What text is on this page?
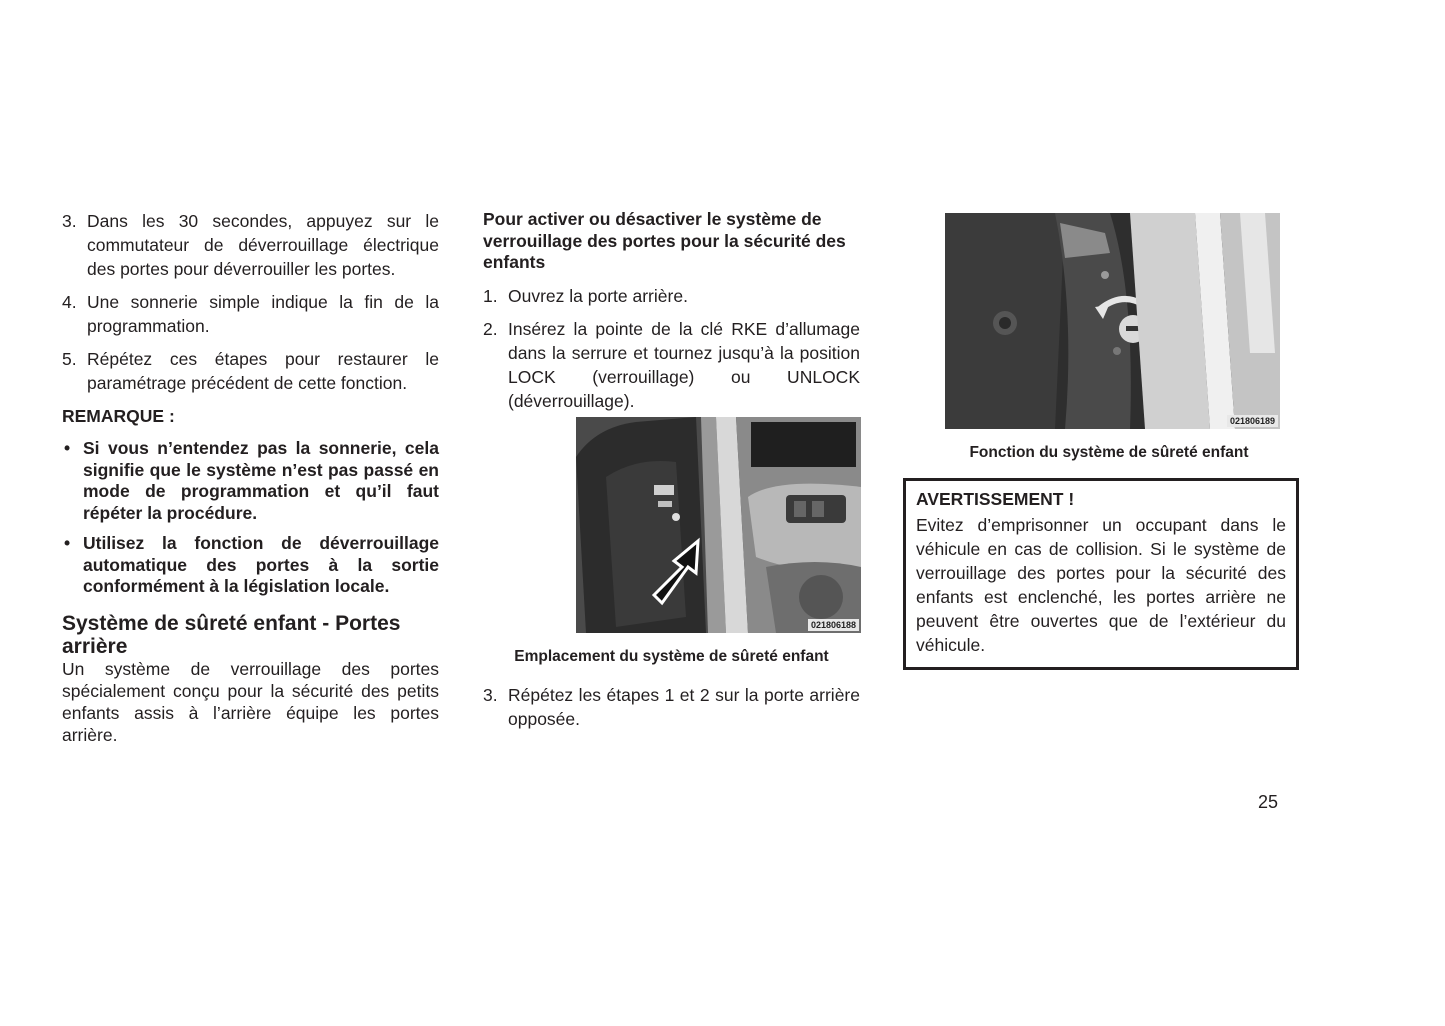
3. Dans les 30 secondes, appuyez sur le commutateur de déverrouillage électrique des portes pour déverrouiller les portes.
4. Une sonnerie simple indique la fin de la programmation.
5. Répétez ces étapes pour restaurer le paramétrage précédent de cette fonction.
REMARQUE :
• Si vous n’entendez pas la sonnerie, cela signifie que le système n’est pas passé en mode de programmation et qu’il faut répéter la procédure.
• Utilisez la fonction de déverrouillage automatique des portes à la sortie conformément à la législation locale.
Système de sûreté enfant - Portes arrière

Un système de verrouillage des portes spécialement conçu pour la sécurité des petits enfants assis à l’arrière équipe les portes arrière.

Pour activer ou désactiver le système de verrouillage des portes pour la sécurité des enfants
1. Ouvrez la porte arrière.
2. Insérez la pointe de la clé RKE d’allumage dans la serrure et tournez jusqu’à la position LOCK (verrouillage) ou UNLOCK (déverrouillage).
021806188
Emplacement du système de sûreté enfant
3. Répétez les étapes 1 et 2 sur la porte arrière opposée.
021806189
Fonction du système de sûreté enfant
AVERTISSEMENT !
Evitez d’emprisonner un occupant dans le véhicule en cas de collision. Si le système de verrouillage des portes pour la sécurité des enfants est enclenché, les portes arrière ne peuvent être ouvertes que de l’extérieur du véhicule.
25
